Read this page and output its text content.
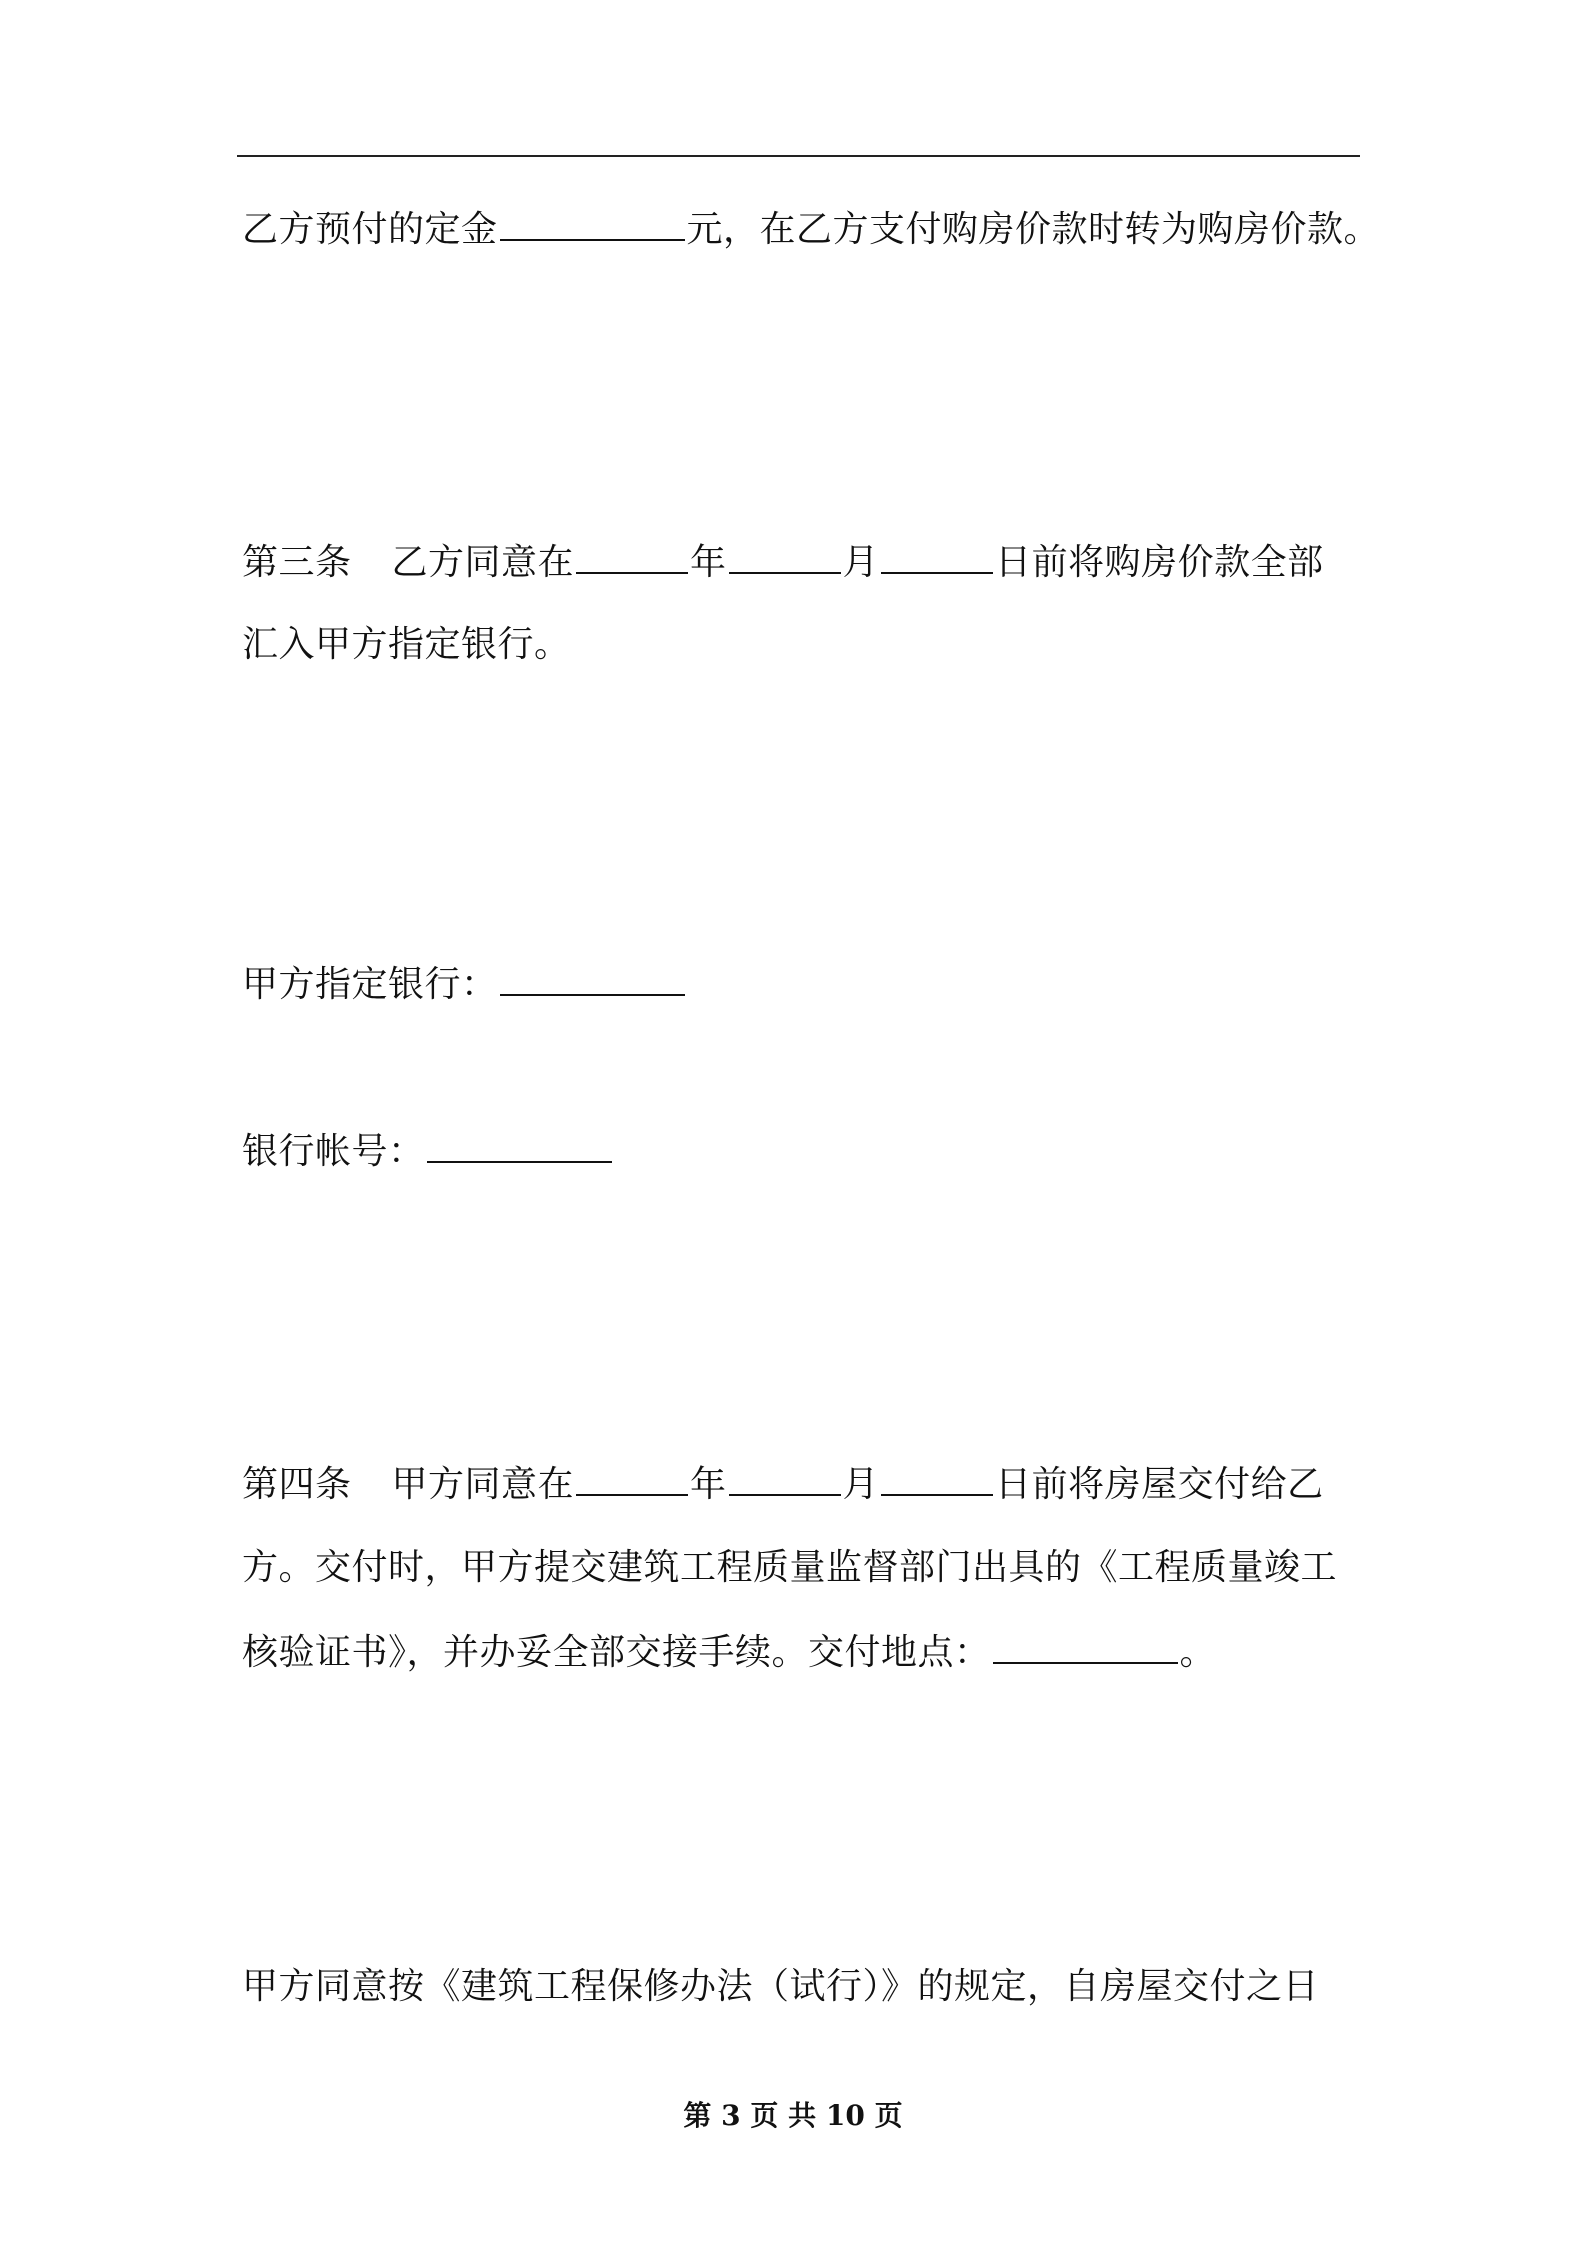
乙方预付的定金	元，在乙方支付购房价款时转为购房价款。
第三条 乙方同意在	年	月	日前将购房价款全部
汇入甲方指定银行。
甲方指定银行：
银行帐号：
第四条 甲方同意在	年	月	日前将房屋交付给乙
方。交付时，甲方提交建筑工程质量监督部门出具的《工程质量竣工
核验证书》，并办妥全部交接手续。交付地点：	。
甲方同意按《建筑工程保修办法（试行）》的规定，自房屋交付之日
第 3 页 共 10 页
